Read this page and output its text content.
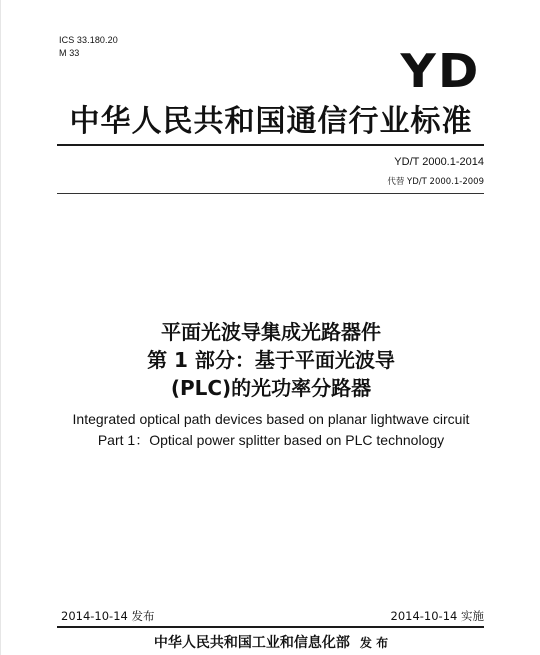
ICS 33.180.20
M 33	YD
中华人民共和国通信行业标准
YD/T 2000.1-2014
代替 YD/T 2000.1-2009
平面光波导集成光路器件
第 1 部分：基于平面光波导
(PLC)的光功率分路器
Integrated optical path devices based on planar lightwave circuit
Part 1：Optical power splitter based on PLC technology
2014-10-14 发布	2014-10-14 实施
中华人民共和国工业和信息化部 发 布
